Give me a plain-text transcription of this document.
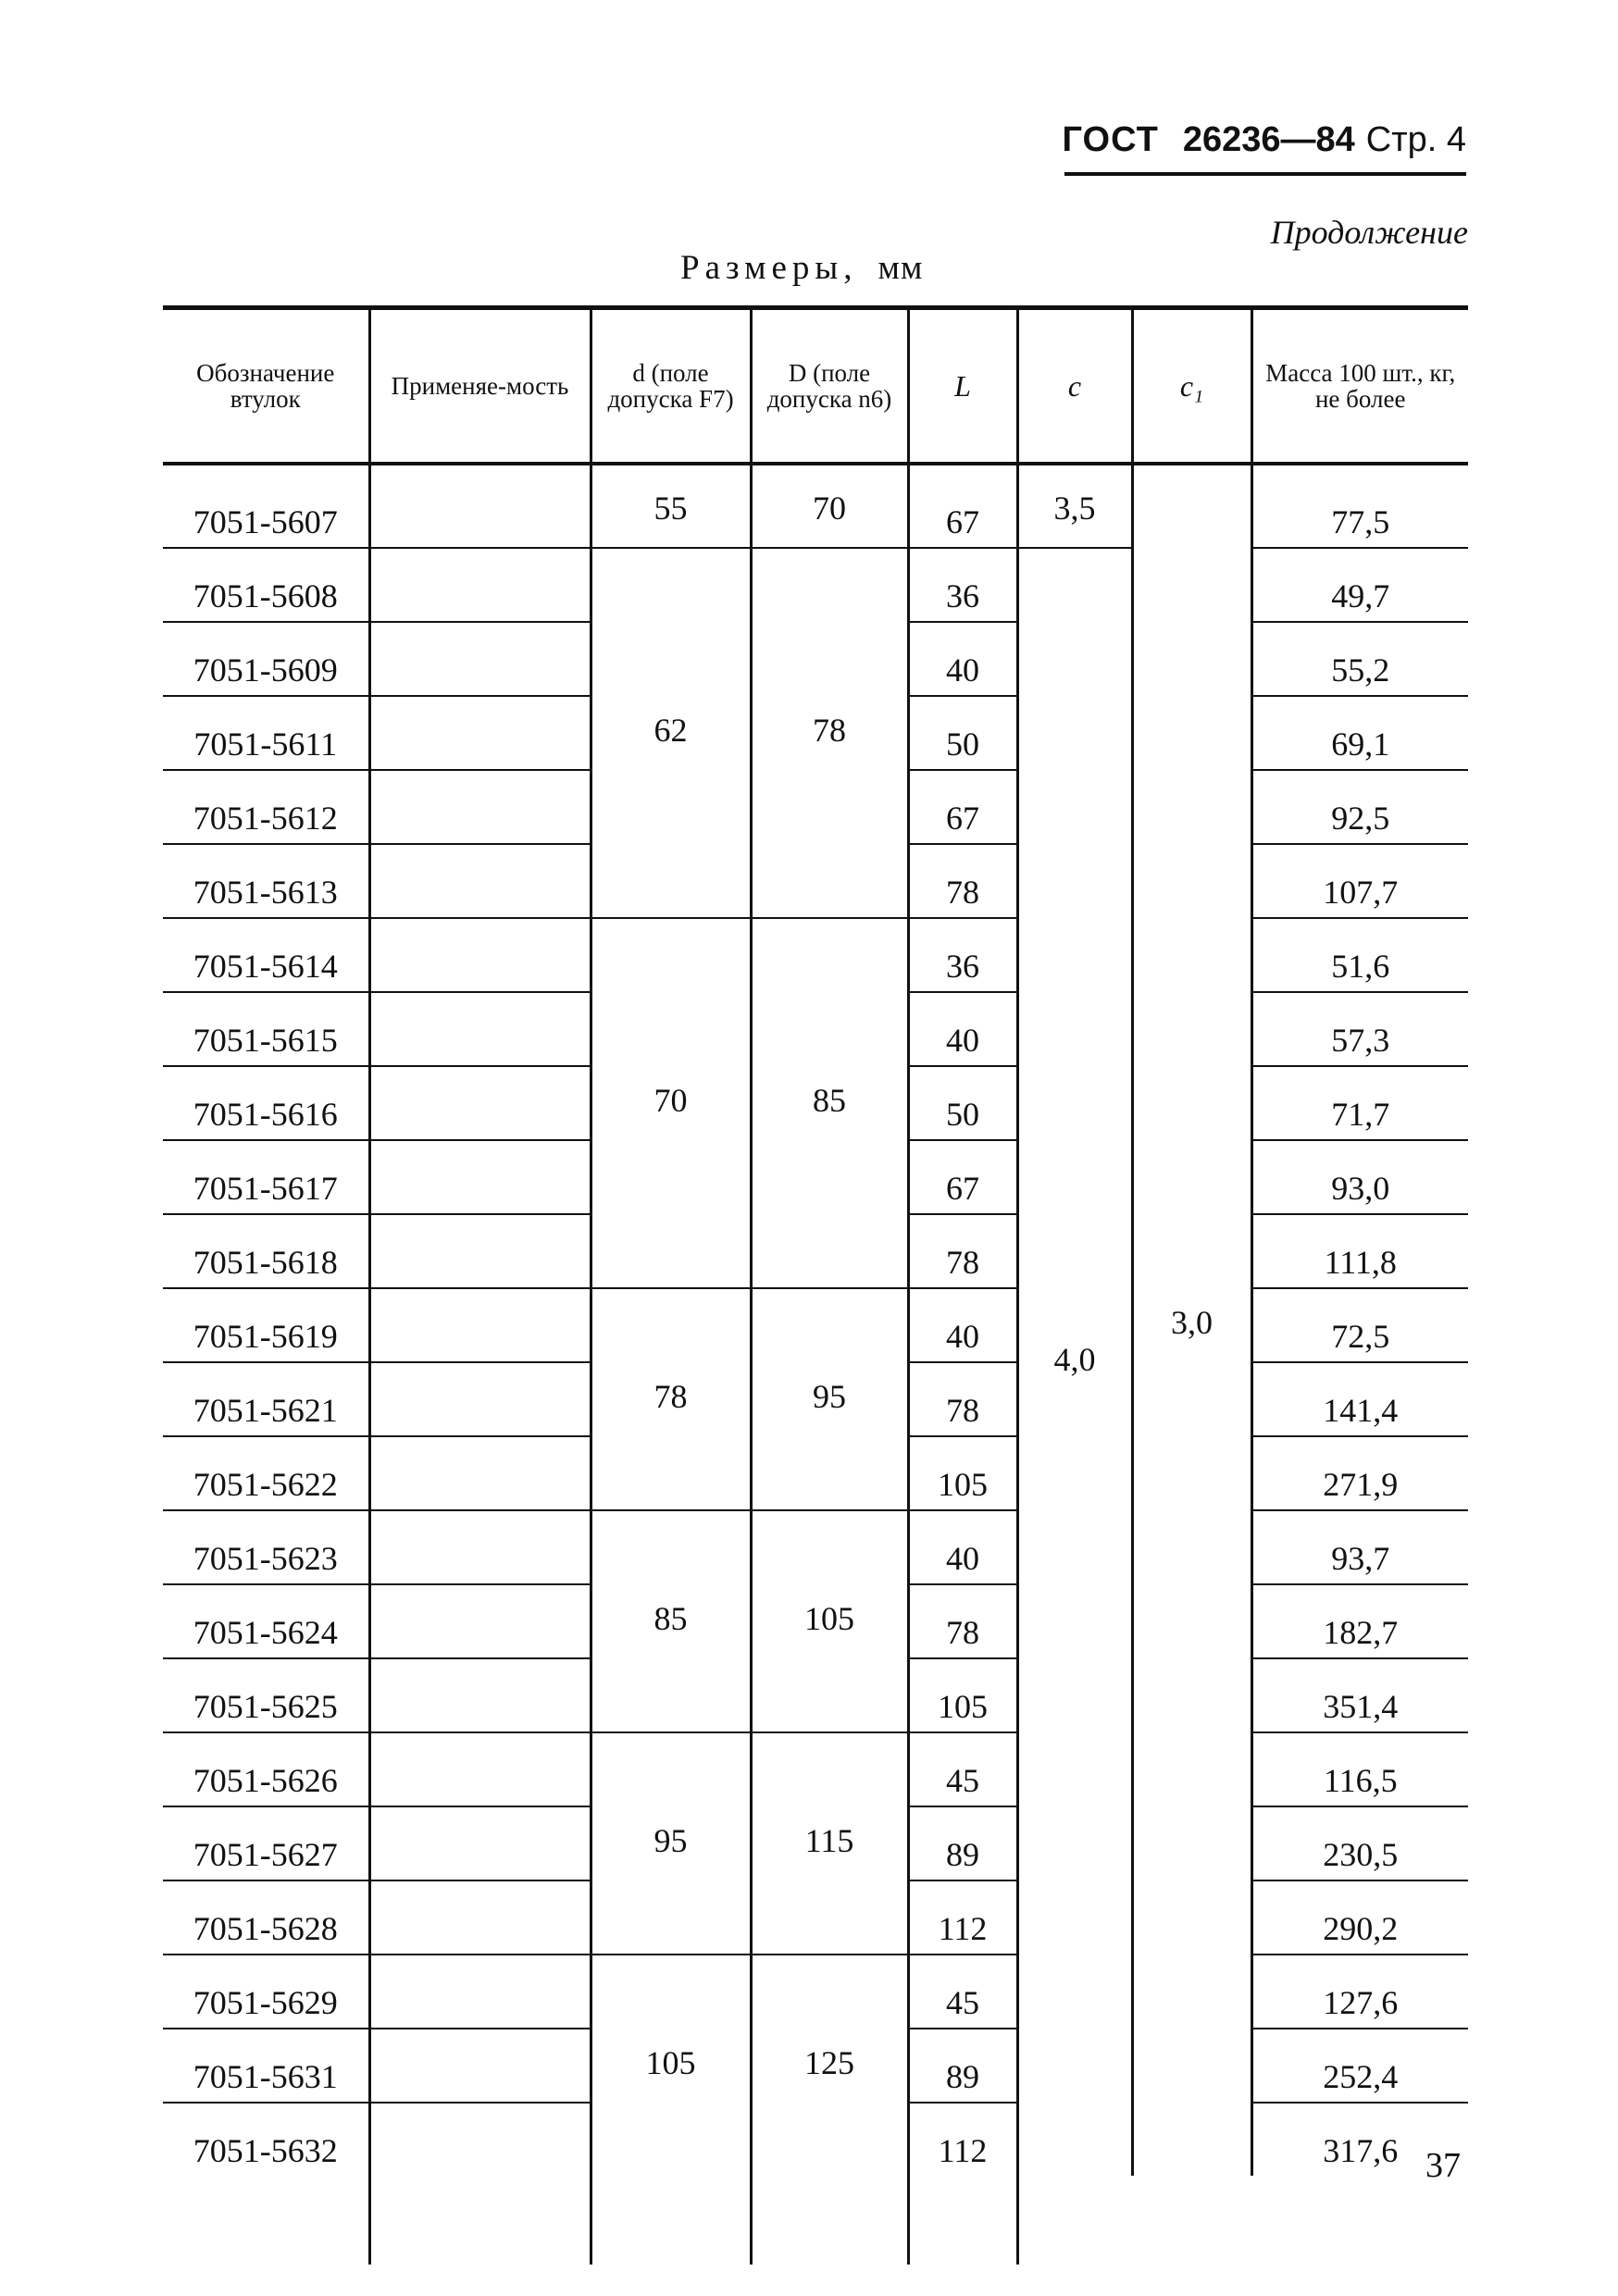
ГОСТ 26236—84 Стр. 4
Продолжение
Размеры, мм
Обозначение втулок	Применяе-мость	d (поле допуска F7)	D (поле допуска n6)	L	c	c₁	Масса 100 шт., кг, не более
7051-5607		55	70	67	3,5	3,0	77,5
7051-5608		62	78	36	4,0		49,7
7051-5609				40			55,2
7051-5611				50			69,1
7051-5612				67			92,5
7051-5613				78			107,7
7051-5614		70	85	36			51,6
7051-5615				40			57,3
7051-5616				50			71,7
7051-5617				67			93,0
7051-5618				78			111,8
7051-5619		78	95	40			72,5
7051-5621				78			141,4
7051-5622				105			271,9
7051-5623		85	105	40			93,7
7051-5624				78			182,7
7051-5625				105			351,4
7051-5626		95	115	45			116,5
7051-5627				89			230,5
7051-5628				112			290,2
7051-5629		105	125	45			127,6
7051-5631				89			252,4
7051-5632				112			317,6
					37
